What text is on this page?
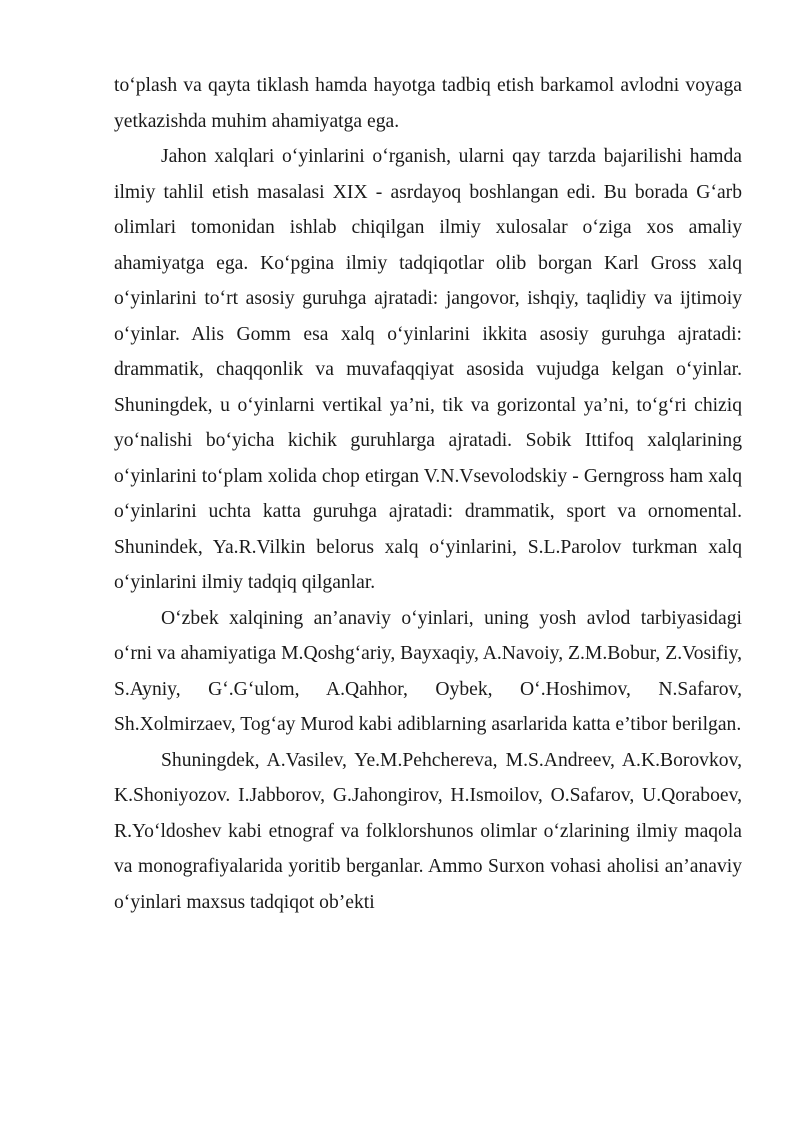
to‘plash va qayta tiklash hamda hayotga tadbiq etish barkamol avlodni voyaga yetkazishda muhim ahamiyatga ega.

Jahon xalqlari o‘yinlarini o‘rganish, ularni qay tarzda bajarilishi hamda ilmiy tahlil etish masalasi XIX - asrdayoq boshlangan edi. Bu borada G‘arb olimlari tomonidan ishlab chiqilgan ilmiy xulosalar o‘ziga xos amaliy ahamiyatga ega. Ko‘pgina ilmiy tadqiqotlar olib borgan Karl Gross xalq o‘yinlarini to‘rt asosiy guruhga ajratadi: jangovor, ishqiy, taqlidiy va ijtimoiy o‘yinlar. Alis Gomm esa xalq o‘yinlarini ikkita asosiy guruhga ajratadi: drammatik, chaqqonlik va muvafaqqiyat asosida vujudga kelgan o‘yinlar. Shuningdek, u o‘yinlarni vertikal ya’ni, tik va gorizontal ya’ni, to‘g‘ri chiziq yo‘nalishi bo‘yicha kichik guruhlarga ajratadi. Sobik Ittifoq xalqlarining o‘yinlarini to‘plam xolida chop etirgan V.N.Vsevolodskiy - Gerngross ham xalq o‘yinlarini uchta katta guruhga ajratadi: drammatik, sport va ornomental. Shunindek, Ya.R.Vilkin belorus xalq o‘yinlarini, S.L.Parolov turkman xalq o‘yinlarini ilmiy tadqiq qilganlar.

O‘zbek xalqining an’anaviy o‘yinlari, uning yosh avlod tarbiyasidagi o‘rni va ahamiyatiga M.Qoshg‘ariy, Bayxaqiy, A.Navoiy, Z.M.Bobur, Z.Vosifiy, S.Ayniy, G‘.G‘ulom, A.Qahhor, Oybek, O‘.Hoshimov, N.Safarov, Sh.Xolmirzaev, Tog‘ay Murod kabi adiblarning asarlarida katta e’tibor berilgan.

Shuningdek, A.Vasilev, Ye.M.Pehchereva, M.S.Andreev, A.K.Borovkov, K.Shoniyozov. I.Jabborov, G.Jahongirov, H.Ismoilov, O.Safarov, U.Qoraboev, R.Yo‘ldoshev kabi etnograf va folklorshunos olimlar o‘zlarining ilmiy maqola va monografiyalarida yoritib berganlar. Ammo Surxon vohasi aholisi an’anaviy o‘yinlari maxsus tadqiqot ob’ekti
